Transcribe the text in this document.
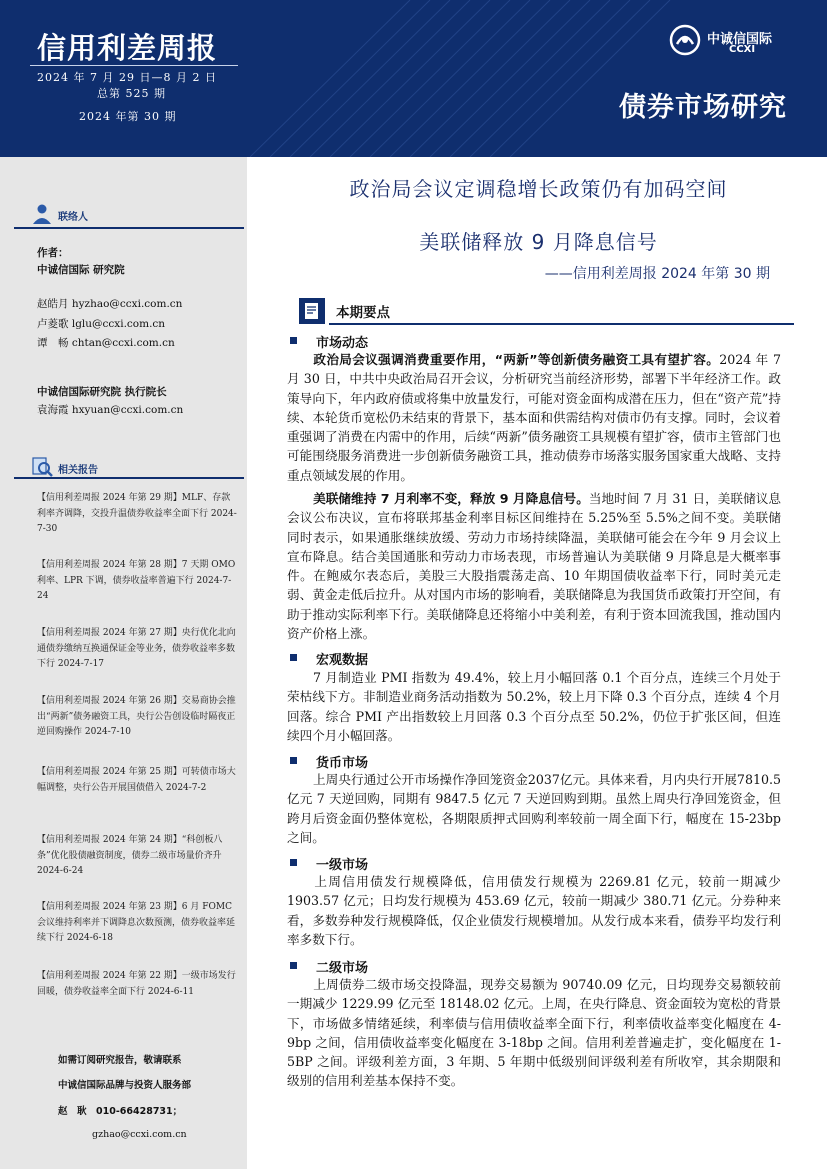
信用利差周报
2024 年 7 月 29 日—8 月 2 日
总第 525 期
2024 年第 30 期
中诚信国际
CCXI
债券市场研究
联络人
作者：
中诚信国际 研究院
赵皓月 hyzhao@ccxi.com.cn
卢菱歌 lglu@ccxi.com.cn
谭　畅 chtan@ccxi.com.cn
中诚信国际研究院 执行院长
袁海霞 hxyuan@ccxi.com.cn
相关报告
【信用利差周报 2024 年第 29 期】MLF、存款利率齐调降，交投升温债券收益率全面下行 2024-7-30
【信用利差周报 2024 年第 28 期】7 天期 OMO 利率、LPR 下调，债券收益率普遍下行 2024-7-24
【信用利差周报 2024 年第 27 期】央行优化北向通债券缴纳互换通保证金等业务，债券收益率多数下行 2024-7-17
【信用利差周报 2024 年第 26 期】交易商协会推出“两新”债务融资工具，央行公告创设临时隔夜正逆回购操作 2024-7-10
【信用利差周报 2024 年第 25 期】可转债市场大幅调整，央行公告开展国债借入 2024-7-2
【信用利差周报 2024 年第 24 期】“科创板八条”优化股债融资制度，债券二级市场量价齐升 2024-6-24
【信用利差周报 2024 年第 23 期】6 月 FOMC 会议维持利率并下调降息次数预测，债券收益率延续下行 2024-6-18
【信用利差周报 2024 年第 22 期】一级市场发行回暖，债券收益率全面下行 2024-6-11
如需订阅研究报告，敬请联系
中诚信国际品牌与投资人服务部
赵　耿　010-66428731；
gzhao@ccxi.com.cn
政治局会议定调稳增长政策仍有加码空间
美联储释放 9 月降息信号
——信用利差周报 2024 年第 30 期
本期要点
市场动态
政治局会议强调消费重要作用，“两新”等创新债务融资工具有望扩容。2024 年 7 月 30 日，中共中央政治局召开会议，分析研究当前经济形势，部署下半年经济工作。政策导向下，年内政府债或将集中放量发行，可能对资金面构成潜在压力，但在“资产荒”持续、本轮货币宽松仍未结束的背景下，基本面和供需结构对债市仍有支撑。同时，会议着重强调了消费在内需中的作用，后续“两新”债务融资工具规模有望扩容，债市主管部门也可能围绕服务消费进一步创新债务融资工具，推动债券市场落实服务国家重大战略、支持重点领域发展的作用。
美联储维持 7 月利率不变，释放 9 月降息信号。当地时间 7 月 31 日，美联储议息会议公布决议，宣布将联邦基金利率目标区间维持在 5.25%至 5.5%之间不变。美联储同时表示，如果通胀继续放缓、劳动力市场持续降温，美联储可能会在今年 9 月会议上宣布降息。结合美国通胀和劳动力市场表现，市场普遍认为美联储 9 月降息是大概率事件。在鲍威尔表态后，美股三大股指震荡走高、10 年期国债收益率下行，同时美元走弱、黄金走低后拉升。从对国内市场的影响看，美联储降息为我国货币政策打开空间，有助于推动实际利率下行。美联储降息还将缩小中美利差，有利于资本回流我国，推动国内资产价格上涨。
宏观数据
7 月制造业 PMI 指数为 49.4%，较上月小幅回落 0.1 个百分点，连续三个月处于荣枯线下方。非制造业商务活动指数为 50.2%，较上月下降 0.3 个百分点，连续 4 个月回落。综合 PMI 产出指数较上月回落 0.3 个百分点至 50.2%，仍位于扩张区间，但连续四个月小幅回落。
货币市场
上周央行通过公开市场操作净回笼资金2037亿元。具体来看，月内央行开展7810.5 亿元 7 天逆回购，同期有 9847.5 亿元 7 天逆回购到期。虽然上周央行净回笼资金，但跨月后资金面仍整体宽松，各期限质押式回购利率较前一周全面下行，幅度在 15-23bp 之间。
一级市场
上周信用债发行规模降低，信用债发行规模为 2269.81 亿元，较前一期减少1903.57 亿元；日均发行规模为 453.69 亿元，较前一期减少 380.71 亿元。分券种来看，多数券种发行规模降低，仅企业债发行规模增加。从发行成本来看，债券平均发行利率多数下行。
二级市场
上周债券二级市场交投降温，现券交易额为 90740.09 亿元，日均现券交易额较前一期减少 1229.99 亿元至 18148.02 亿元。上周，在央行降息、资金面较为宽松的背景下，市场做多情绪延续，利率债与信用债收益率全面下行，利率债收益率变化幅度在 4-9bp 之间，信用债收益率变化幅度在 3-18bp 之间。信用利差普遍走扩，变化幅度在 1-5BP 之间。评级利差方面，3 年期、5 年期中低级别间评级利差有所收窄，其余期限和级别的信用利差基本保持不变。
